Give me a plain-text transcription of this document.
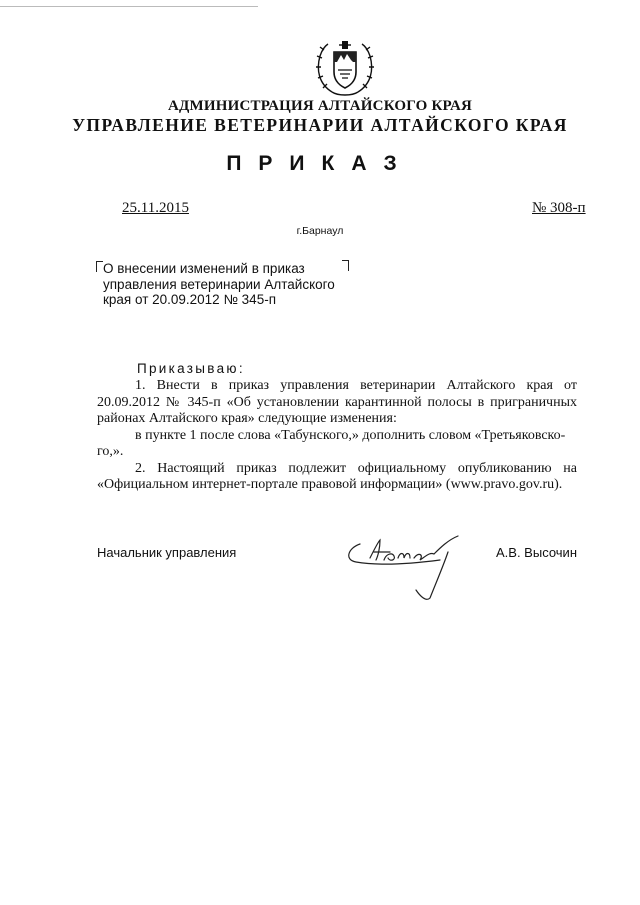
АДМИНИСТРАЦИЯ АЛТАЙСКОГО КРАЯ
УПРАВЛЕНИЕ ВЕТЕРИНАРИИ АЛТАЙСКОГО КРАЯ
ПРИКАЗ
25.11.2015	№ 308-п
г.Барнаул
О внесении изменений в приказ
управления ветеринарии Алтайского
края от 20.09.2012 № 345-п
Приказываю:

1. Внести в приказ управления ветеринарии Алтайского края от 20.09.2012 № 345-п «Об установлении карантинной полосы в приграничных районах Алтайского края» следующие изменения:

в пункте 1 после слова «Табунского,» дополнить словом «Третьяковско-

го,».

2. Настоящий приказ подлежит официальному опубликованию на «Официальном интернет-портале правовой информации» (www.pravo.gov.ru).

Начальник управления	А.В. Высочин
